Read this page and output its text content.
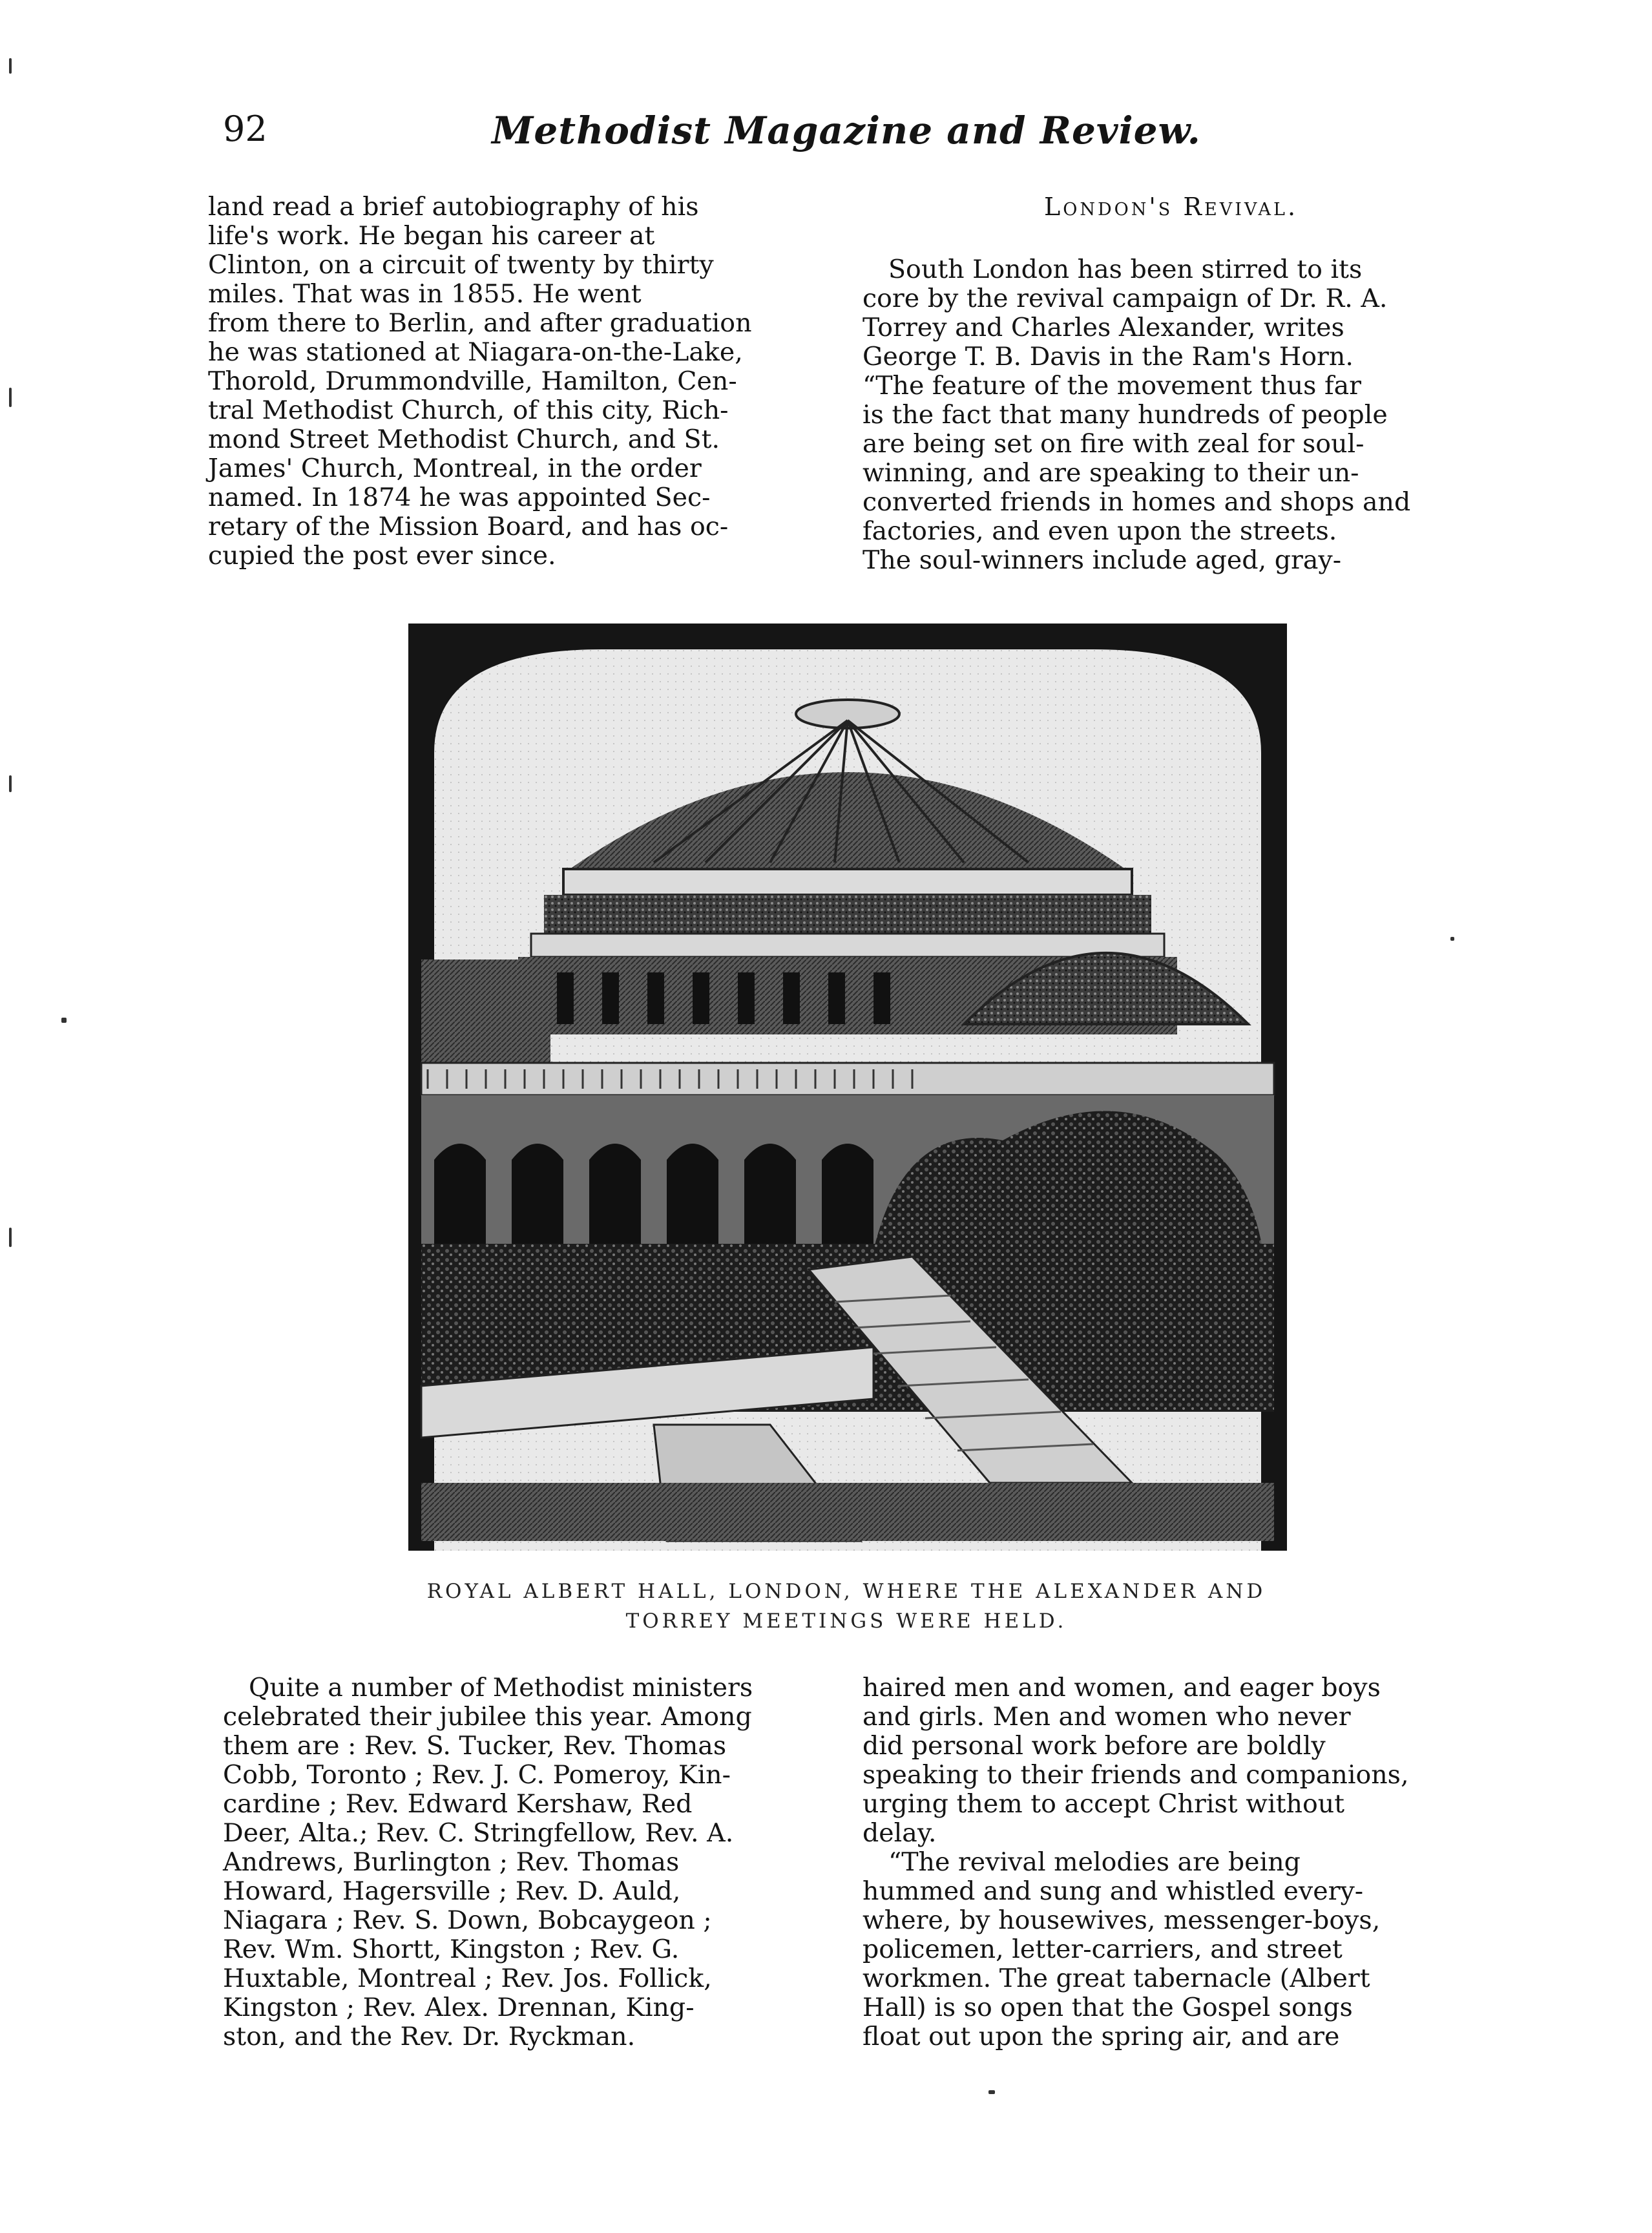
92	Methodist Magazine and Review.

land read a brief autobiography of his
life's work. He began his career at
Clinton, on a circuit of twenty by thirty
miles. That was in 1855. He went
from there to Berlin, and after graduation
he was stationed at Niagara-on-the-Lake,
Thorold, Drummondville, Hamilton, Cen-
tral Methodist Church, of this city, Rich-
mond Street Methodist Church, and St.
James' Church, Montreal, in the order
named. In 1874 he was appointed Sec-
retary of the Mission Board, and has oc-
cupied the post ever since.

London's Revival.

South London has been stirred to its

core by the revival campaign of Dr. R. A.
Torrey and Charles Alexander, writes
George T. B. Davis in the Ram's Horn.
“The feature of the movement thus far
is the fact that many hundreds of people
are being set on fire with zeal for soul-
winning, and are speaking to their un-
converted friends in homes and shops and
factories, and even upon the streets.
The soul-winners include aged, gray-

ROYAL ALBERT HALL, LONDON, WHERE THE ALEXANDER AND
TORREY MEETINGS WERE HELD.

Quite a number of Methodist ministers
celebrated their jubilee this year. Among
them are : Rev. S. Tucker, Rev. Thomas
Cobb, Toronto ; Rev. J. C. Pomeroy, Kin-
cardine ; Rev. Edward Kershaw, Red
Deer, Alta.; Rev. C. Stringfellow, Rev. A.
Andrews, Burlington ; Rev. Thomas
Howard, Hagersville ; Rev. D. Auld,
Niagara ; Rev. S. Down, Bobcaygeon ;
Rev. Wm. Shortt, Kingston ; Rev. G.
Huxtable, Montreal ; Rev. Jos. Follick,
Kingston ; Rev. Alex. Drennan, King-
ston, and the Rev. Dr. Ryckman.

haired men and women, and eager boys
and girls. Men and women who never
did personal work before are boldly
speaking to their friends and companions,
urging them to accept Christ without
delay.

“The revival melodies are being
hummed and sung and whistled every-
where, by housewives, messenger-boys,
policemen, letter-carriers, and street
workmen. The great tabernacle (Albert
Hall) is so open that the Gospel songs
float out upon the spring air, and are
